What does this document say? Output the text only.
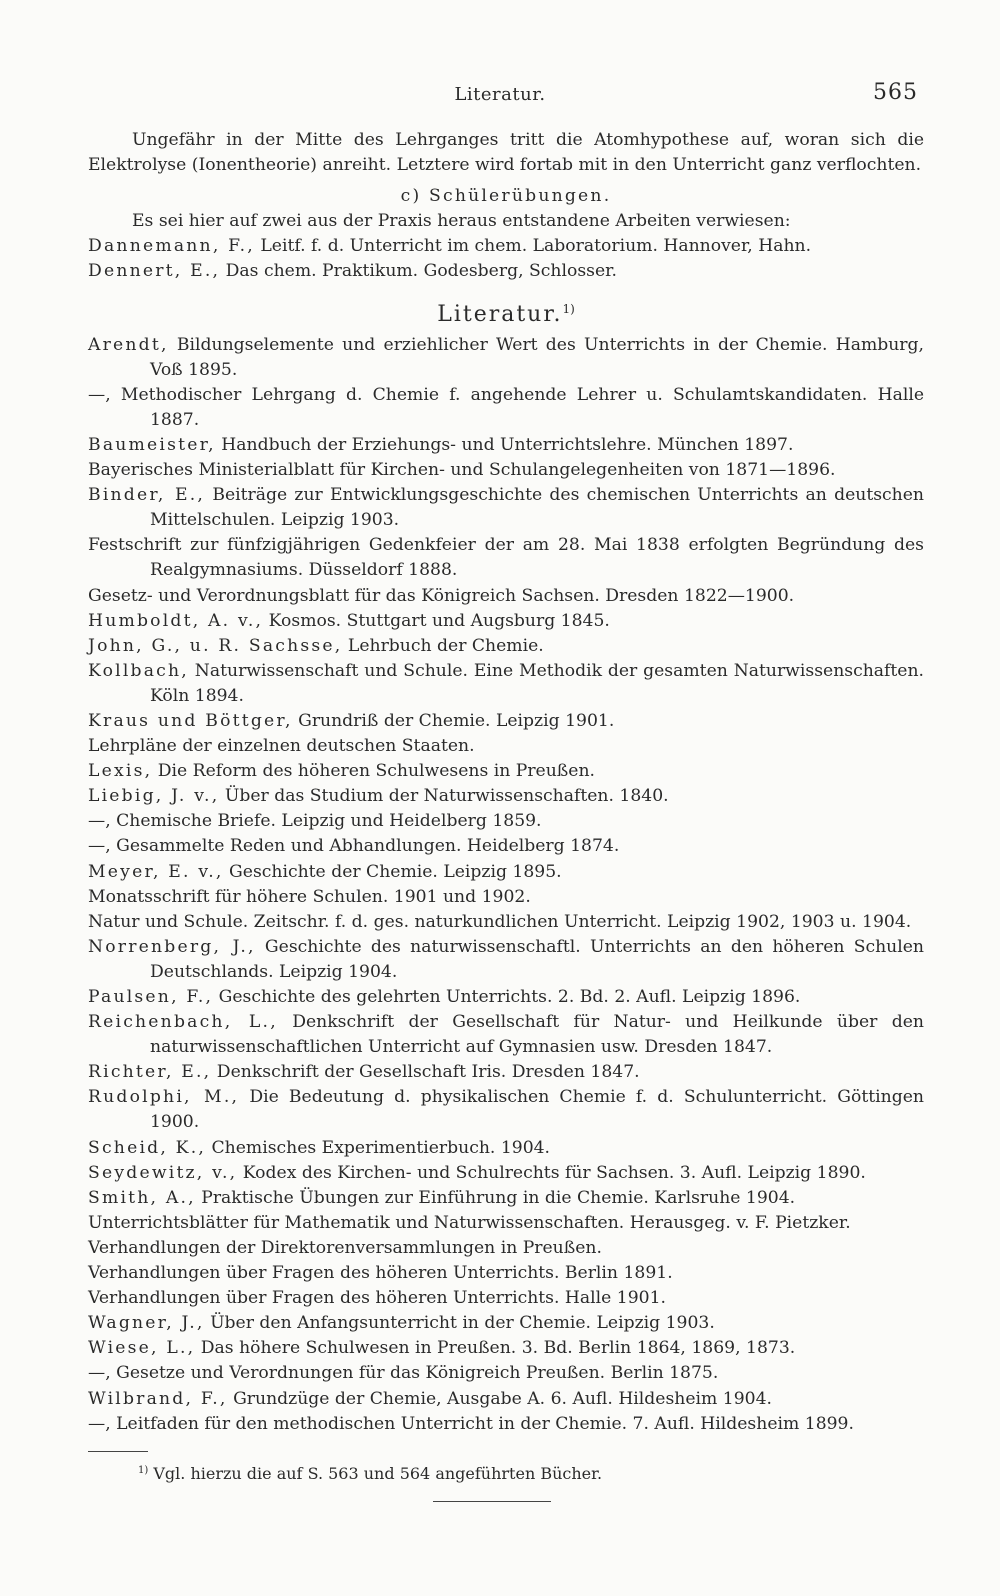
Literatur.	565

Ungefähr in der Mitte des Lehrganges tritt die Atomhypothese auf, woran sich die Elektrolyse (Ionentheorie) anreiht. Letztere wird fortab mit in den Unterricht ganz verflochten.

c) Schülerübungen.

Es sei hier auf zwei aus der Praxis heraus entstandene Arbeiten verwiesen:

Dannemann, F., Leitf. f. d. Unterricht im chem. Laboratorium. Hannover, Hahn.

Dennert, E., Das chem. Praktikum. Godesberg, Schlosser.

Literatur.$^{1)}$

Arendt, Bildungselemente und erziehlicher Wert des Unterrichts in der Chemie. Hamburg, Voß 1895.

—, Methodischer Lehrgang d. Chemie f. angehende Lehrer u. Schulamtskandidaten. Halle 1887.

Baumeister, Handbuch der Erziehungs- und Unterrichtslehre. München 1897.

Bayerisches Ministerialblatt für Kirchen- und Schulangelegenheiten von 1871—1896.

Binder, E., Beiträge zur Entwicklungsgeschichte des chemischen Unterrichts an deutschen Mittelschulen. Leipzig 1903.

Festschrift zur fünfzigjährigen Gedenkfeier der am 28. Mai 1838 erfolgten Begründung des Realgymnasiums. Düsseldorf 1888.

Gesetz- und Verordnungsblatt für das Königreich Sachsen. Dresden 1822—1900.

Humboldt, A. v., Kosmos. Stuttgart und Augsburg 1845.

John, G., u. R. Sachsse, Lehrbuch der Chemie.

Kollbach, Naturwissenschaft und Schule. Eine Methodik der gesamten Naturwissenschaften. Köln 1894.

Kraus und Böttger, Grundriß der Chemie. Leipzig 1901.

Lehrpläne der einzelnen deutschen Staaten.

Lexis, Die Reform des höheren Schulwesens in Preußen.

Liebig, J. v., Über das Studium der Naturwissenschaften. 1840.

—, Chemische Briefe. Leipzig und Heidelberg 1859.

—, Gesammelte Reden und Abhandlungen. Heidelberg 1874.

Meyer, E. v., Geschichte der Chemie. Leipzig 1895.

Monatsschrift für höhere Schulen. 1901 und 1902.

Natur und Schule. Zeitschr. f. d. ges. naturkundlichen Unterricht. Leipzig 1902, 1903 u. 1904.

Norrenberg, J., Geschichte des naturwissenschaftl. Unterrichts an den höheren Schulen Deutschlands. Leipzig 1904.

Paulsen, F., Geschichte des gelehrten Unterrichts. 2. Bd. 2. Aufl. Leipzig 1896.

Reichenbach, L., Denkschrift der Gesellschaft für Natur- und Heilkunde über den naturwissenschaftlichen Unterricht auf Gymnasien usw. Dresden 1847.

Richter, E., Denkschrift der Gesellschaft Iris. Dresden 1847.

Rudolphi, M., Die Bedeutung d. physikalischen Chemie f. d. Schulunterricht. Göttingen 1900.

Scheid, K., Chemisches Experimentierbuch. 1904.

Seydewitz, v., Kodex des Kirchen- und Schulrechts für Sachsen. 3. Aufl. Leipzig 1890.

Smith, A., Praktische Übungen zur Einführung in die Chemie. Karlsruhe 1904.

Unterrichtsblätter für Mathematik und Naturwissenschaften. Herausgeg. v. F. Pietzker.

Verhandlungen der Direktorenversammlungen in Preußen.

Verhandlungen über Fragen des höheren Unterrichts. Berlin 1891.

Verhandlungen über Fragen des höheren Unterrichts. Halle 1901.

Wagner, J., Über den Anfangsunterricht in der Chemie. Leipzig 1903.

Wiese, L., Das höhere Schulwesen in Preußen. 3. Bd. Berlin 1864, 1869, 1873.

—, Gesetze und Verordnungen für das Königreich Preußen. Berlin 1875.

Wilbrand, F., Grundzüge der Chemie, Ausgabe A. 6. Aufl. Hildesheim 1904.

—, Leitfaden für den methodischen Unterricht in der Chemie. 7. Aufl. Hildesheim 1899.

$^{1)}$ Vgl. hierzu die auf S. 563 und 564 angeführten Bücher.
